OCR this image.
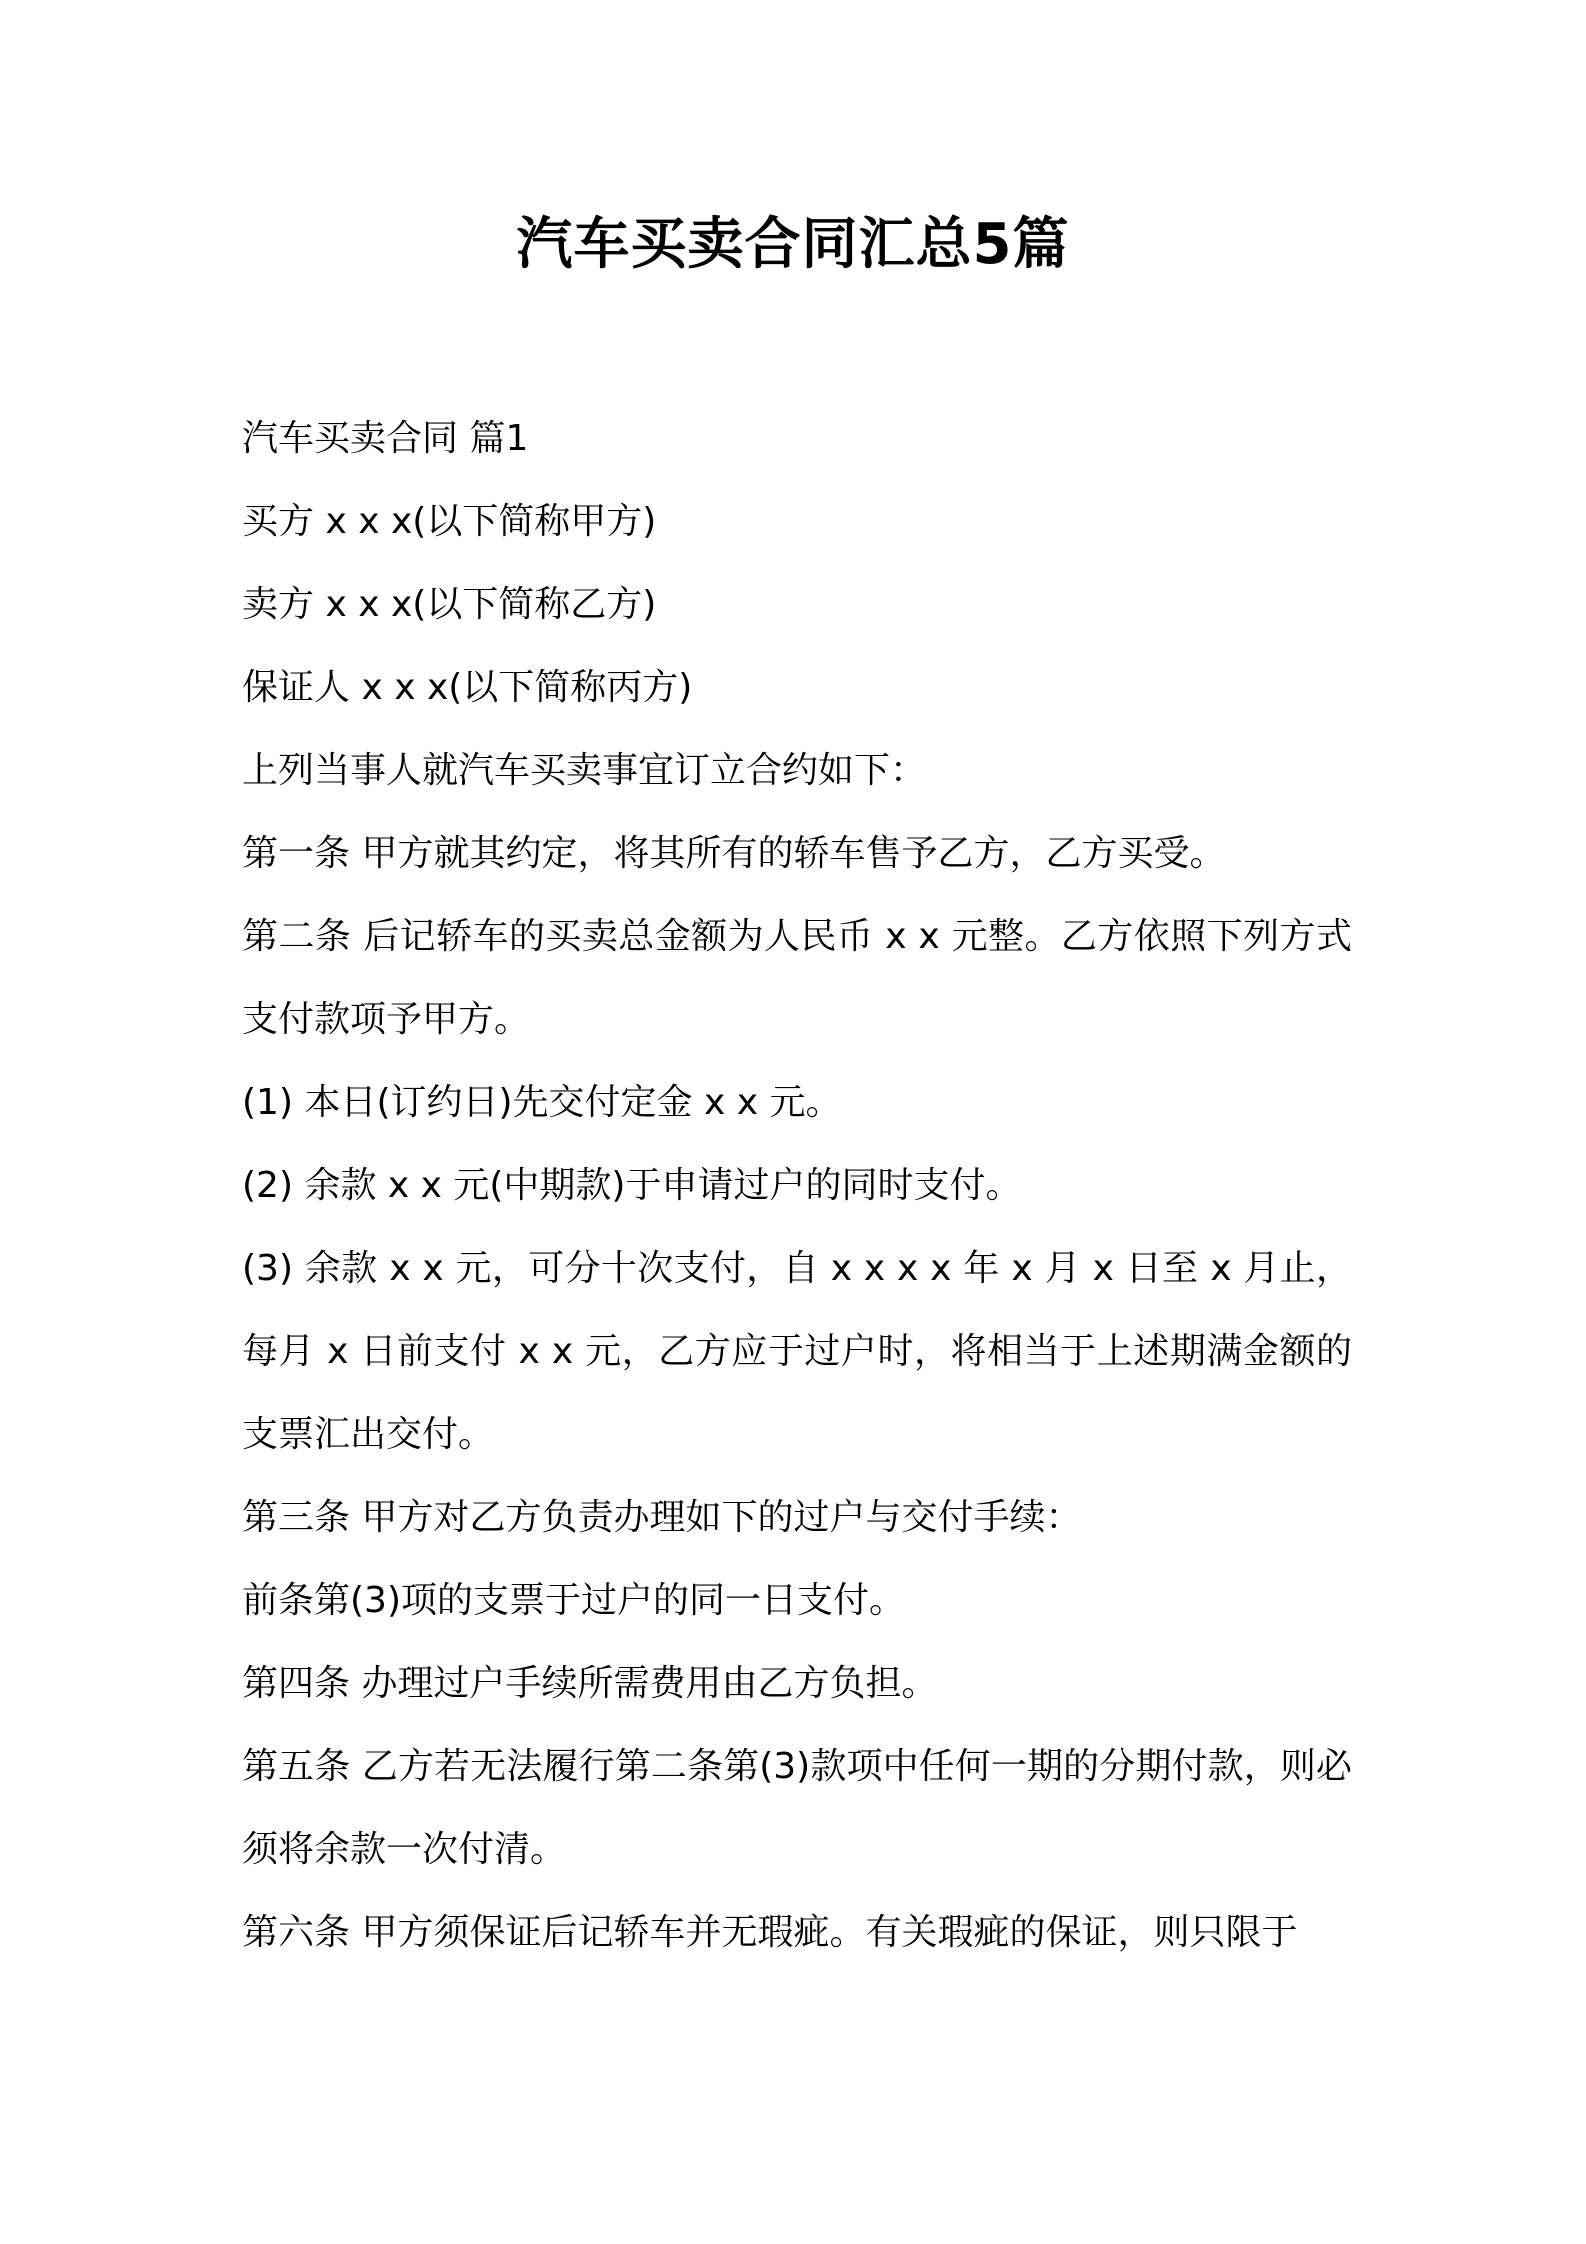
汽车买卖合同汇总5篇

汽车买卖合同 篇1

买方 x x x(以下简称甲方)

卖方 x x x(以下简称乙方)

保证人 x x x(以下简称丙方)

上列当事人就汽车买卖事宜订立合约如下：

第一条 甲方就其约定，将其所有的轿车售予乙方，乙方买受。

第二条 后记轿车的买卖总金额为人民币 x x 元整。乙方依照下列方式支付款项予甲方。

(1) 本日(订约日)先交付定金 x x 元。

(2) 余款 x x 元(中期款)于申请过户的同时支付。

(3) 余款 x x 元，可分十次支付，自 x x x x 年 x 月 x 日至 x 月止，每月 x 日前支付 x x 元，乙方应于过户时，将相当于上述期满金额的支票汇出交付。

第三条 甲方对乙方负责办理如下的过户与交付手续：

前条第(3)项的支票于过户的同一日支付。

第四条 办理过户手续所需费用由乙方负担。

第五条 乙方若无法履行第二条第(3)款项中任何一期的分期付款，则必须将余款一次付清。

第六条 甲方须保证后记轿车并无瑕疵。有关瑕疵的保证，则只限于
